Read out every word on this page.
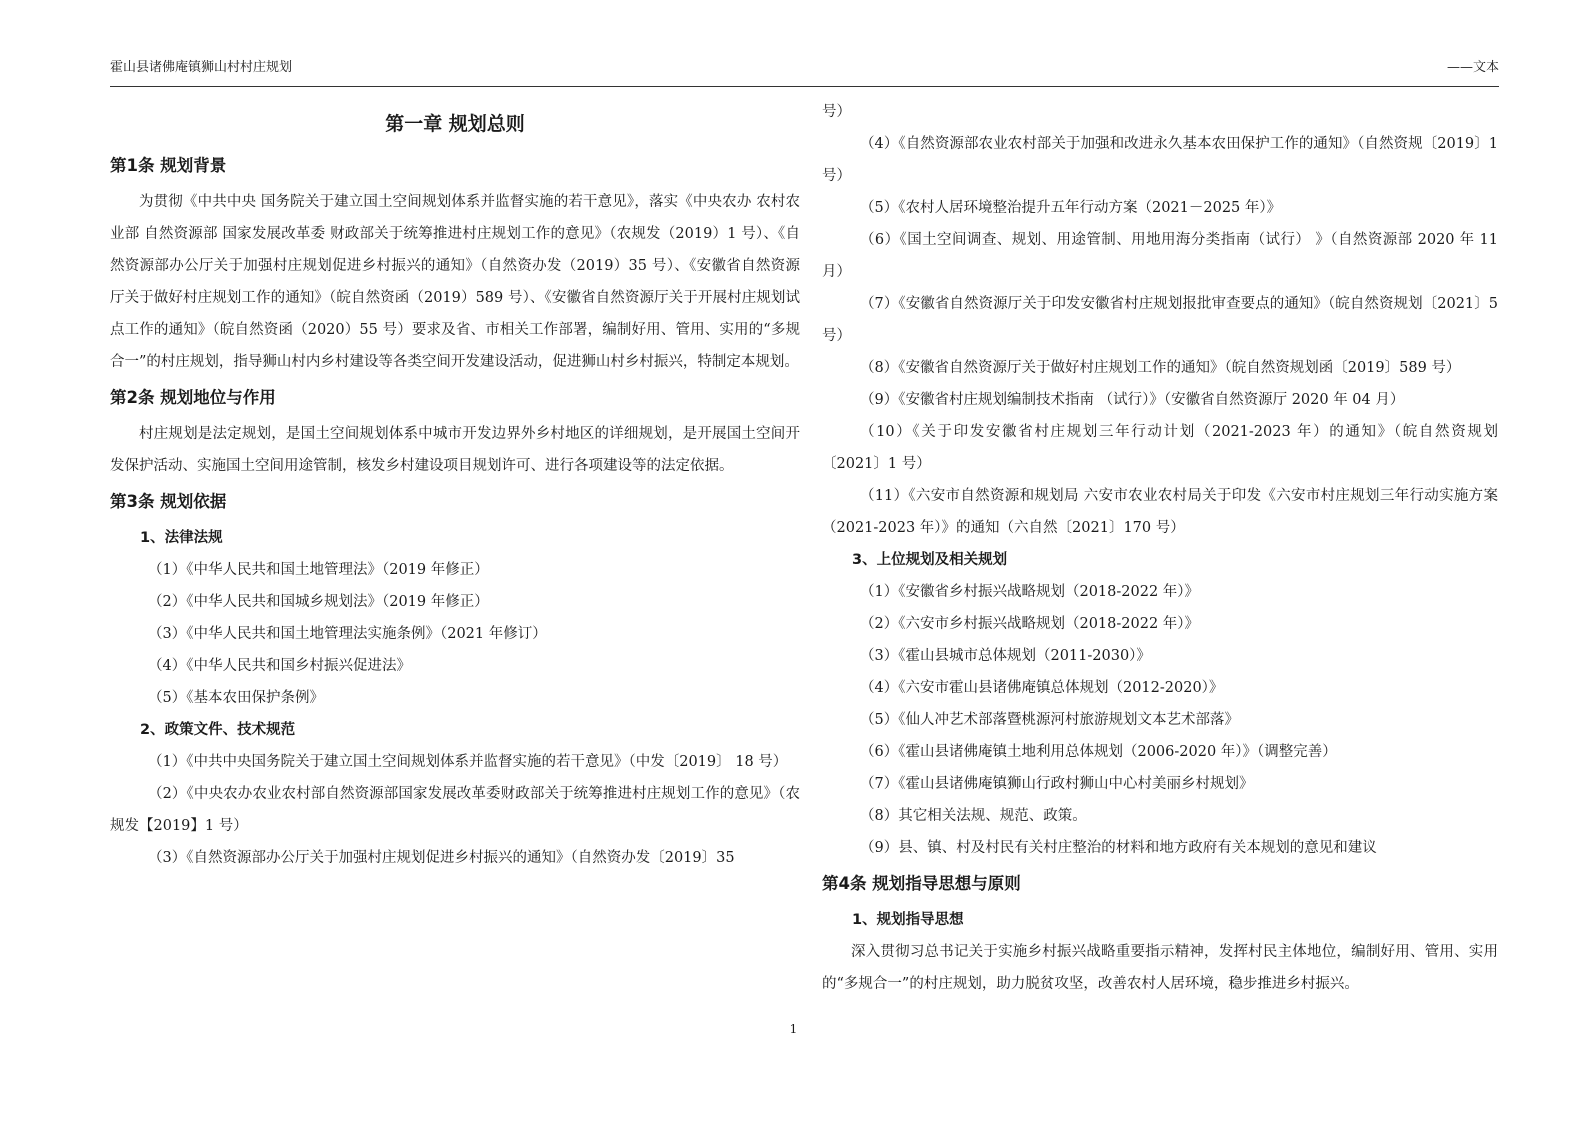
霍山县诸佛庵镇狮山村村庄规划	——文本
第一章 规划总则
第1条 规划背景

为贯彻《中共中央 国务院关于建立国土空间规划体系并监督实施的若干意见》，落实《中央农办 农村农业部 自然资源部 国家发展改革委 财政部关于统筹推进村庄规划工作的意见》（农规发（2019）1 号）、《自然资源部办公厅关于加强村庄规划促进乡村振兴的通知》（自然资办发（2019）35 号）、《安徽省自然资源厅关于做好村庄规划工作的通知》（皖自然资函（2019）589 号）、《安徽省自然资源厅关于开展村庄规划试点工作的通知》（皖自然资函（2020）55 号）要求及省、市相关工作部署，编制好用、管用、实用的“多规合一”的村庄规划，指导狮山村内乡村建设等各类空间开发建设活动，促进狮山村乡村振兴，特制定本规划。

第2条 规划地位与作用

村庄规划是法定规划，是国土空间规划体系中城市开发边界外乡村地区的详细规划，是开展国土空间开发保护活动、实施国土空间用途管制，核发乡村建设项目规划许可、进行各项建设等的法定依据。

第3条 规划依据
1、法律法规

（1）《中华人民共和国土地管理法》（2019 年修正）

（2）《中华人民共和国城乡规划法》（2019 年修正）

（3）《中华人民共和国土地管理法实施条例》（2021 年修订）

（4）《中华人民共和国乡村振兴促进法》

（5）《基本农田保护条例》

2、政策文件、技术规范

（1）《中共中央国务院关于建立国土空间规划体系并监督实施的若干意见》（中发〔2019〕 18 号）

（2）《中央农办农业农村部自然资源部国家发展改革委财政部关于统筹推进村庄规划工作的意见》（农规发【2019】1 号）

（3）《自然资源部办公厅关于加强村庄规划促进乡村振兴的通知》（自然资办发〔2019〕35

号）

（4）《自然资源部农业农村部关于加强和改进永久基本农田保护工作的通知》（自然资规〔2019〕1 号）

（5）《农村人居环境整治提升五年行动方案（2021－2025 年）》

（6）《国土空间调查、规划、用途管制、用地用海分类指南（试行） 》（自然资源部 2020 年 11 月）

（7）《安徽省自然资源厅关于印发安徽省村庄规划报批审查要点的通知》（皖自然资规划〔2021〕5 号）

（8）《安徽省自然资源厅关于做好村庄规划工作的通知》（皖自然资规划函〔2019〕589 号）

（9）《安徽省村庄规划编制技术指南 （试行）》（安徽省自然资源厅 2020 年 04 月）

（10）《关于印发安徽省村庄规划三年行动计划（2021-2023 年）的通知》（皖自然资规划〔2021〕1 号）

（11）《六安市自然资源和规划局 六安市农业农村局关于印发《六安市村庄规划三年行动实施方案（2021-2023 年）》的通知（六自然〔2021〕170 号）

3、上位规划及相关规划

（1）《安徽省乡村振兴战略规划（2018-2022 年）》

（2）《六安市乡村振兴战略规划（2018-2022 年）》

（3）《霍山县城市总体规划（2011-2030）》

（4）《六安市霍山县诸佛庵镇总体规划（2012-2020）》

（5）《仙人冲艺术部落暨桃源河村旅游规划文本艺术部落》

（6）《霍山县诸佛庵镇土地利用总体规划（2006-2020 年）》（调整完善）

（7）《霍山县诸佛庵镇狮山行政村狮山中心村美丽乡村规划》

（8）其它相关法规、规范、政策。

（9）县、镇、村及村民有关村庄整治的材料和地方政府有关本规划的意见和建议

第4条 规划指导思想与原则
1、规划指导思想

深入贯彻习总书记关于实施乡村振兴战略重要指示精神，发挥村民主体地位，编制好用、管用、实用的“多规合一”的村庄规划，助力脱贫攻坚，改善农村人居环境，稳步推进乡村振兴。

1
